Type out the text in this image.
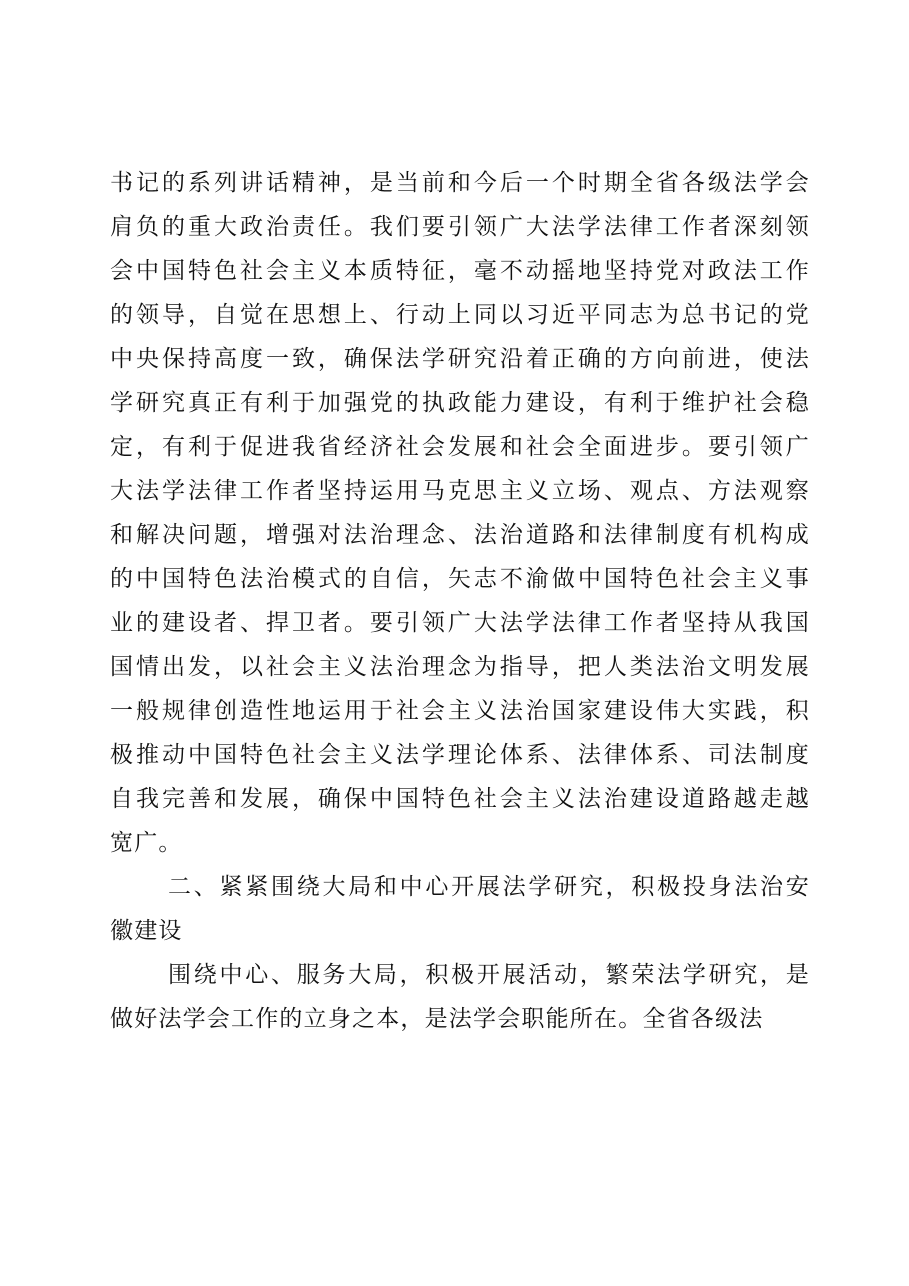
书记的系列讲话精神，是当前和今后一个时期全省各级法学会
肩负的重大政治责任。我们要引领广大法学法律工作者深刻领
会中国特色社会主义本质特征，毫不动摇地坚持党对政法工作
的领导，自觉在思想上、行动上同以习近平同志为总书记的党
中央保持高度一致，确保法学研究沿着正确的方向前进，使法
学研究真正有利于加强党的执政能力建设，有利于维护社会稳
定，有利于促进我省经济社会发展和社会全面进步。要引领广
大法学法律工作者坚持运用马克思主义立场、观点、方法观察
和解决问题，增强对法治理念、法治道路和法律制度有机构成
的中国特色法治模式的自信，矢志不渝做中国特色社会主义事
业的建设者、捍卫者。要引领广大法学法律工作者坚持从我国
国情出发，以社会主义法治理念为指导，把人类法治文明发展
一般规律创造性地运用于社会主义法治国家建设伟大实践，积
极推动中国特色社会主义法学理论体系、法律体系、司法制度
自我完善和发展，确保中国特色社会主义法治建设道路越走越
宽广。
二、紧紧围绕大局和中心开展法学研究，积极投身法治安
徽建设
围绕中心、服务大局，积极开展活动，繁荣法学研究，是
做好法学会工作的立身之本，是法学会职能所在。全省各级法
